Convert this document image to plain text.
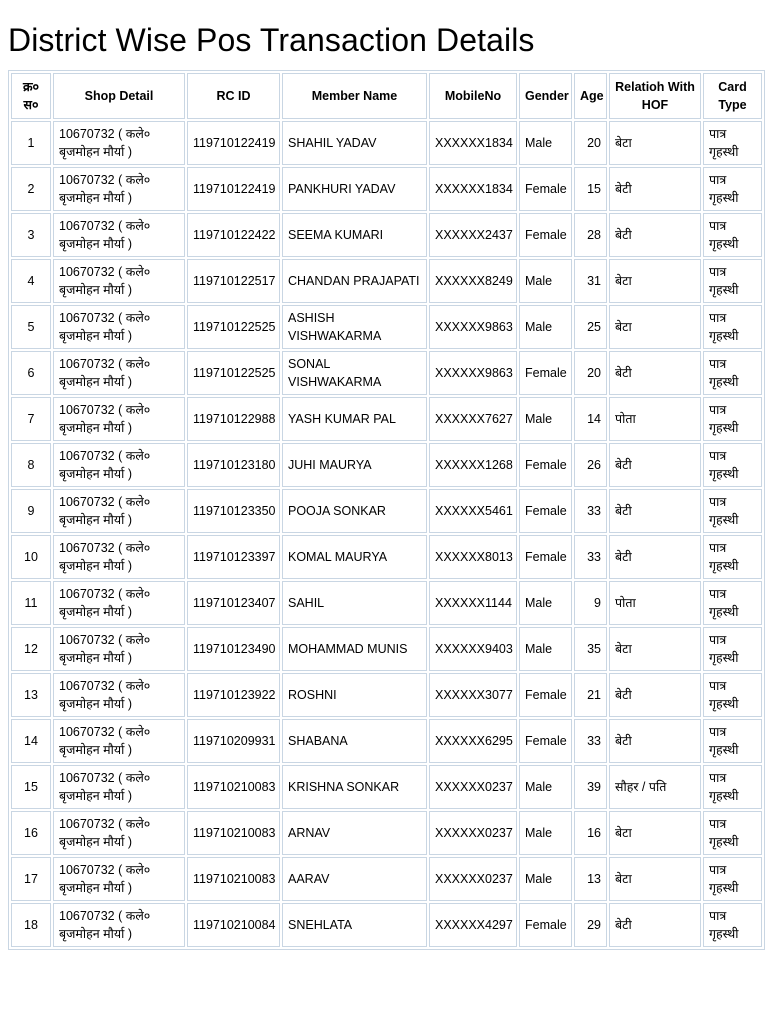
District Wise Pos Transaction Details
क्र० स०	Shop Detail	RC ID	Member Name	MobileNo	Gender	Age	Relatioh With HOF	Card Type
1	10670732 ( कले० बृजमोहन मौर्या )	119710122419	SHAHIL YADAV	XXXXXX1834	Male	20	बेटा	पात्र गृहस्थी
2	10670732 ( कले० बृजमोहन मौर्या )	119710122419	PANKHURI YADAV	XXXXXX1834	Female	15	बेटी	पात्र गृहस्थी
3	10670732 ( कले० बृजमोहन मौर्या )	119710122422	SEEMA KUMARI	XXXXXX2437	Female	28	बेटी	पात्र गृहस्थी
4	10670732 ( कले० बृजमोहन मौर्या )	119710122517	CHANDAN PRAJAPATI	XXXXXX8249	Male	31	बेटा	पात्र गृहस्थी
5	10670732 ( कले० बृजमोहन मौर्या )	119710122525	ASHISH VISHWAKARMA	XXXXXX9863	Male	25	बेटा	पात्र गृहस्थी
6	10670732 ( कले० बृजमोहन मौर्या )	119710122525	SONAL VISHWAKARMA	XXXXXX9863	Female	20	बेटी	पात्र गृहस्थी
7	10670732 ( कले० बृजमोहन मौर्या )	119710122988	YASH KUMAR PAL	XXXXXX7627	Male	14	पोता	पात्र गृहस्थी
8	10670732 ( कले० बृजमोहन मौर्या )	119710123180	JUHI MAURYA	XXXXXX1268	Female	26	बेटी	पात्र गृहस्थी
9	10670732 ( कले० बृजमोहन मौर्या )	119710123350	POOJA SONKAR	XXXXXX5461	Female	33	बेटी	पात्र गृहस्थी
10	10670732 ( कले० बृजमोहन मौर्या )	119710123397	KOMAL MAURYA	XXXXXX8013	Female	33	बेटी	पात्र गृहस्थी
11	10670732 ( कले० बृजमोहन मौर्या )	119710123407	SAHIL	XXXXXX1144	Male	9	पोता	पात्र गृहस्थी
12	10670732 ( कले० बृजमोहन मौर्या )	119710123490	MOHAMMAD MUNIS	XXXXXX9403	Male	35	बेटा	पात्र गृहस्थी
13	10670732 ( कले० बृजमोहन मौर्या )	119710123922	ROSHNI	XXXXXX3077	Female	21	बेटी	पात्र गृहस्थी
14	10670732 ( कले० बृजमोहन मौर्या )	119710209931	SHABANA	XXXXXX6295	Female	33	बेटी	पात्र गृहस्थी
15	10670732 ( कले० बृजमोहन मौर्या )	119710210083	KRISHNA SONKAR	XXXXXX0237	Male	39	सौहर / पति	पात्र गृहस्थी
16	10670732 ( कले० बृजमोहन मौर्या )	119710210083	ARNAV	XXXXXX0237	Male	16	बेटा	पात्र गृहस्थी
17	10670732 ( कले० बृजमोहन मौर्या )	119710210083	AARAV	XXXXXX0237	Male	13	बेटा	पात्र गृहस्थी
18	10670732 ( कले० बृजमोहन मौर्या )	119710210084	SNEHLATA	XXXXXX4297	Female	29	बेटी	पात्र गृहस्थी
